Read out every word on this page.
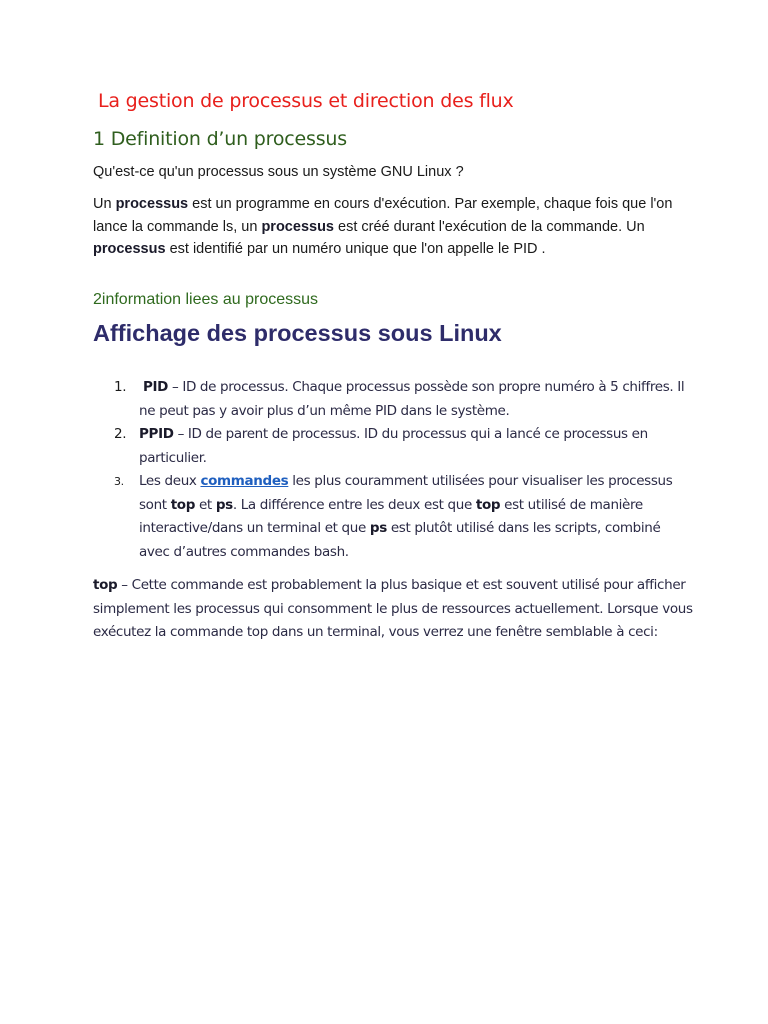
La gestion de processus et direction des flux
1 Definition d’un processus
Qu'est-ce qu'un processus sous un système GNU Linux ?
Un processus est un programme en cours d'exécution. Par exemple, chaque fois que l'on lance la commande ls, un processus est créé durant l'exécution de la commande. Un processus est identifié par un numéro unique que l'on appelle le PID .
2information liees au processus
Affichage des processus sous Linux
1. PID – ID de processus. Chaque processus possède son propre numéro à 5 chiffres. Il ne peut pas y avoir plus d’un même PID dans le système.
2. PPID – ID de parent de processus. ID du processus qui a lancé ce processus en particulier.
3. Les deux commandes les plus couramment utilisées pour visualiser les processus sont top et ps. La différence entre les deux est que top est utilisé de manière interactive/dans un terminal et que ps est plutôt utilisé dans les scripts, combiné avec d’autres commandes bash.
top – Cette commande est probablement la plus basique et est souvent utilisé pour afficher simplement les processus qui consomment le plus de ressources actuellement. Lorsque vous exécutez la commande top dans un terminal, vous verrez une fenêtre semblable à ceci:
